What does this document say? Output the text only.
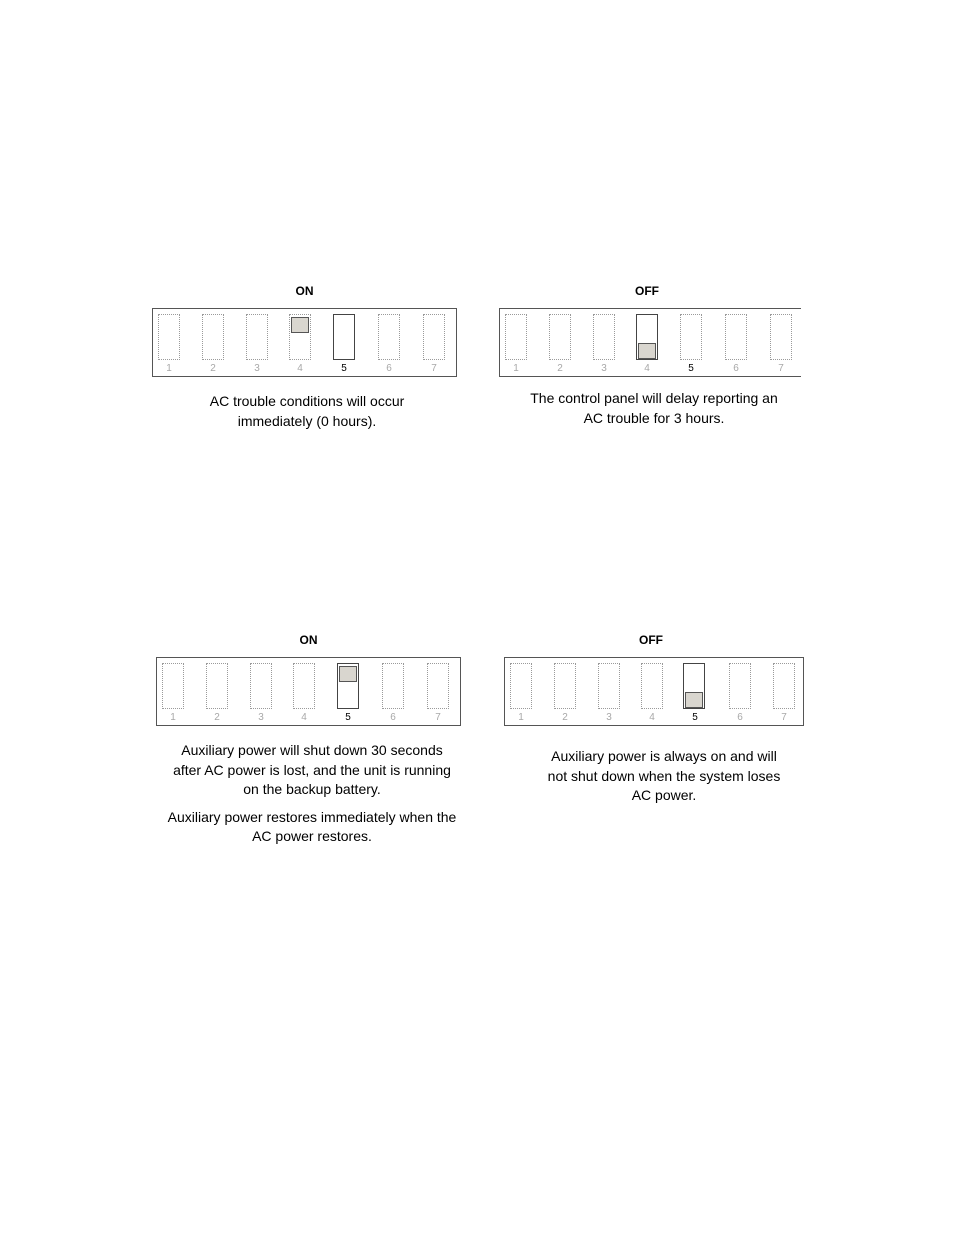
ON
1	2	3	4	5	6	7

AC trouble conditions will occur

immediately (0 hours).

OFF
1	2	3	4	5	6	7

The control panel will delay reporting an

AC trouble for 3 hours.

ON
1	2	3	4	5	6	7

Auxiliary power will shut down 30 seconds

after AC power is lost, and the unit is running

on the backup battery.

Auxiliary power restores immediately when the

AC power restores.

OFF
1	2	3	4	5	6	7

Auxiliary power is always on and will

not shut down when the system loses

AC power.
